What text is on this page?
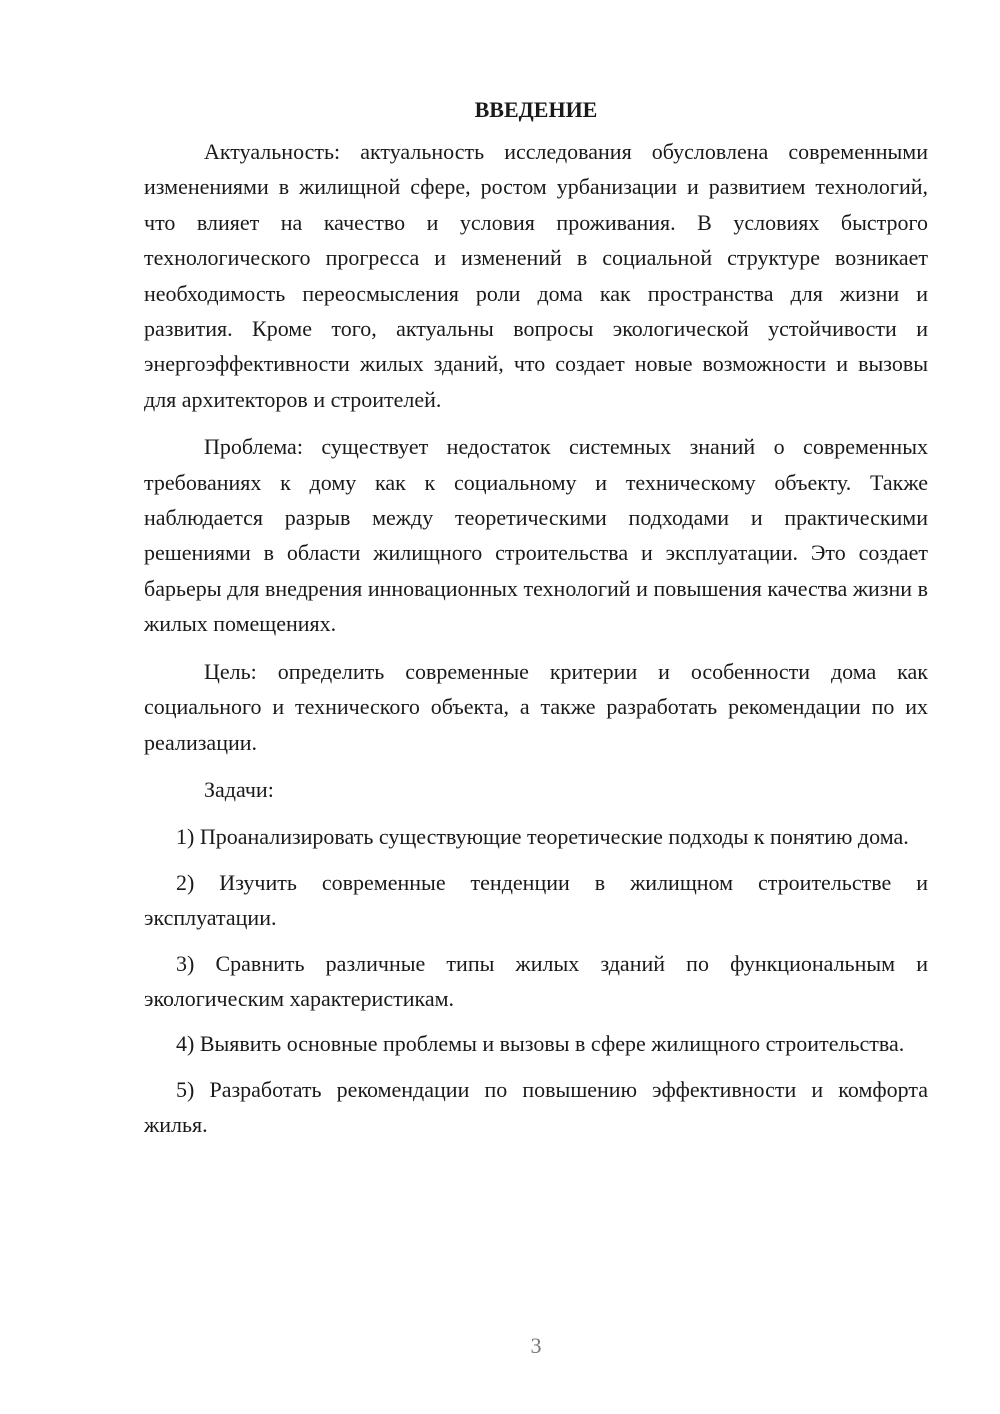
ВВЕДЕНИЕ

Актуальность: актуальность исследования обусловлена современными изменениями в жилищной сфере, ростом урбанизации и развитием технологий, что влияет на качество и условия проживания. В условиях быстрого технологического прогресса и изменений в социальной структуре возникает необходимость переосмысления роли дома как пространства для жизни и развития. Кроме того, актуальны вопросы экологической устойчивости и энергоэффективности жилых зданий, что создает новые возможности и вызовы для архитекторов и строителей.

Проблема: существует недостаток системных знаний о современных требованиях к дому как к социальному и техническому объекту. Также наблюдается разрыв между теоретическими подходами и практическими решениями в области жилищного строительства и эксплуатации. Это создает барьеры для внедрения инновационных технологий и повышения качества жизни в жилых помещениях.

Цель: определить современные критерии и особенности дома как социального и технического объекта, а также разработать рекомендации по их реализации.

Задачи:

1) Проанализировать существующие теоретические подходы к понятию дома.

2) Изучить современные тенденции в жилищном строительстве и эксплуатации.

3) Сравнить различные типы жилых зданий по функциональным и экологическим характеристикам.

4) Выявить основные проблемы и вызовы в сфере жилищного строительства.

5) Разработать рекомендации по повышению эффективности и комфорта жилья.

3
